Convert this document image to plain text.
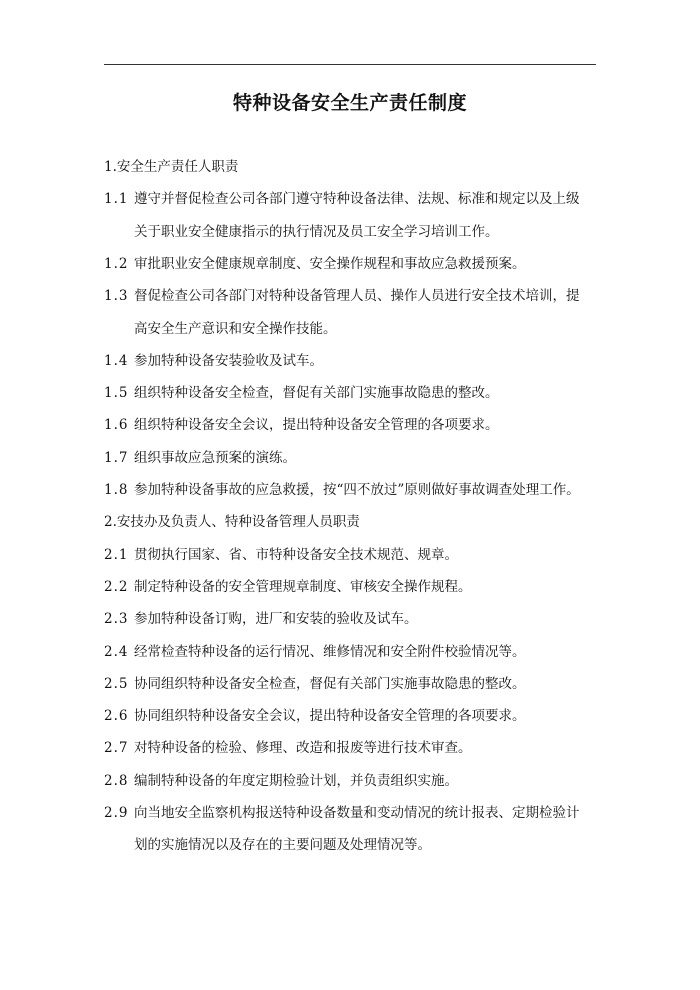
特种设备安全生产责任制度
1.安全生产责任人职责
1.1 遵守并督促检查公司各部门遵守特种设备法律、法规、标准和规定以及上级
关于职业安全健康指示的执行情况及员工安全学习培训工作。
1.2 审批职业安全健康规章制度、安全操作规程和事故应急救援预案。
1.3 督促检查公司各部门对特种设备管理人员、操作人员进行安全技术培训，提
高安全生产意识和安全操作技能。
1.4 参加特种设备安装验收及试车。
1.5 组织特种设备安全检查，督促有关部门实施事故隐患的整改。
1.6 组织特种设备安全会议，提出特种设备安全管理的各项要求。
1.7 组织事故应急预案的演练。
1.8 参加特种设备事故的应急救援，按“四不放过”原则做好事故调查处理工作。
2.安技办及负责人、特种设备管理人员职责
2.1 贯彻执行国家、省、市特种设备安全技术规范、规章。
2.2 制定特种设备的安全管理规章制度、审核安全操作规程。
2.3 参加特种设备订购，进厂和安装的验收及试车。
2.4 经常检查特种设备的运行情况、维修情况和安全附件校验情况等。
2.5 协同组织特种设备安全检查，督促有关部门实施事故隐患的整改。
2.6 协同组织特种设备安全会议，提出特种设备安全管理的各项要求。
2.7 对特种设备的检验、修理、改造和报废等进行技术审查。
2.8 编制特种设备的年度定期检验计划，并负责组织实施。
2.9 向当地安全监察机构报送特种设备数量和变动情况的统计报表、定期检验计
划的实施情况以及存在的主要问题及处理情况等。
